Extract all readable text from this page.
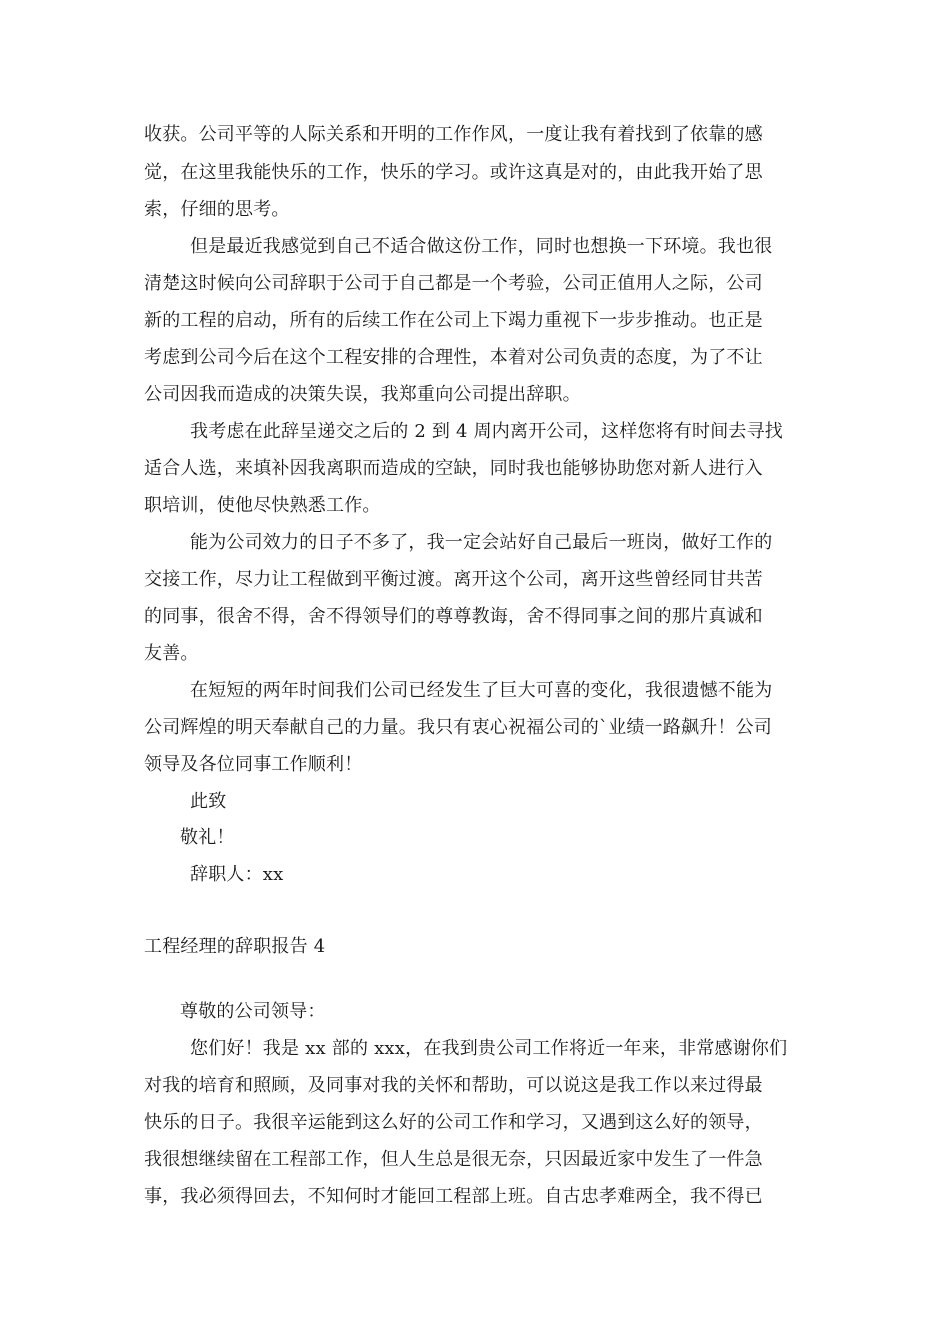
收获。公司平等的人际关系和开明的工作作风，一度让我有着找到了依靠的感
觉，在这里我能快乐的工作，快乐的学习。或许这真是对的，由此我开始了思
索，仔细的思考。
但是最近我感觉到自己不适合做这份工作，同时也想换一下环境。我也很
清楚这时候向公司辞职于公司于自己都是一个考验，公司正值用人之际，公司
新的工程的启动，所有的后续工作在公司上下竭力重视下一步步推动。也正是
考虑到公司今后在这个工程安排的合理性，本着对公司负责的态度，为了不让
公司因我而造成的决策失误，我郑重向公司提出辞职。
我考虑在此辞呈递交之后的 2 到 4 周内离开公司，这样您将有时间去寻找
适合人选，来填补因我离职而造成的空缺，同时我也能够协助您对新人进行入
职培训，使他尽快熟悉工作。
能为公司效力的日子不多了，我一定会站好自己最后一班岗，做好工作的
交接工作，尽力让工程做到平衡过渡。离开这个公司，离开这些曾经同甘共苦
的同事，很舍不得，舍不得领导们的尊尊教诲，舍不得同事之间的那片真诚和
友善。
在短短的两年时间我们公司已经发生了巨大可喜的变化，我很遗憾不能为
公司辉煌的明天奉献自己的力量。我只有衷心祝福公司的`业绩一路飙升！公司
领导及各位同事工作顺利！
此致
敬礼！
辞职人：xx
工程经理的辞职报告 4
尊敬的公司领导：
您们好！我是 xx 部的 xxx，在我到贵公司工作将近一年来，非常感谢你们
对我的培育和照顾，及同事对我的关怀和帮助，可以说这是我工作以来过得最
快乐的日子。我很辛运能到这么好的公司工作和学习，又遇到这么好的领导，
我很想继续留在工程部工作，但人生总是很无奈，只因最近家中发生了一件急
事，我必须得回去，不知何时才能回工程部上班。自古忠孝难两全，我不得已
